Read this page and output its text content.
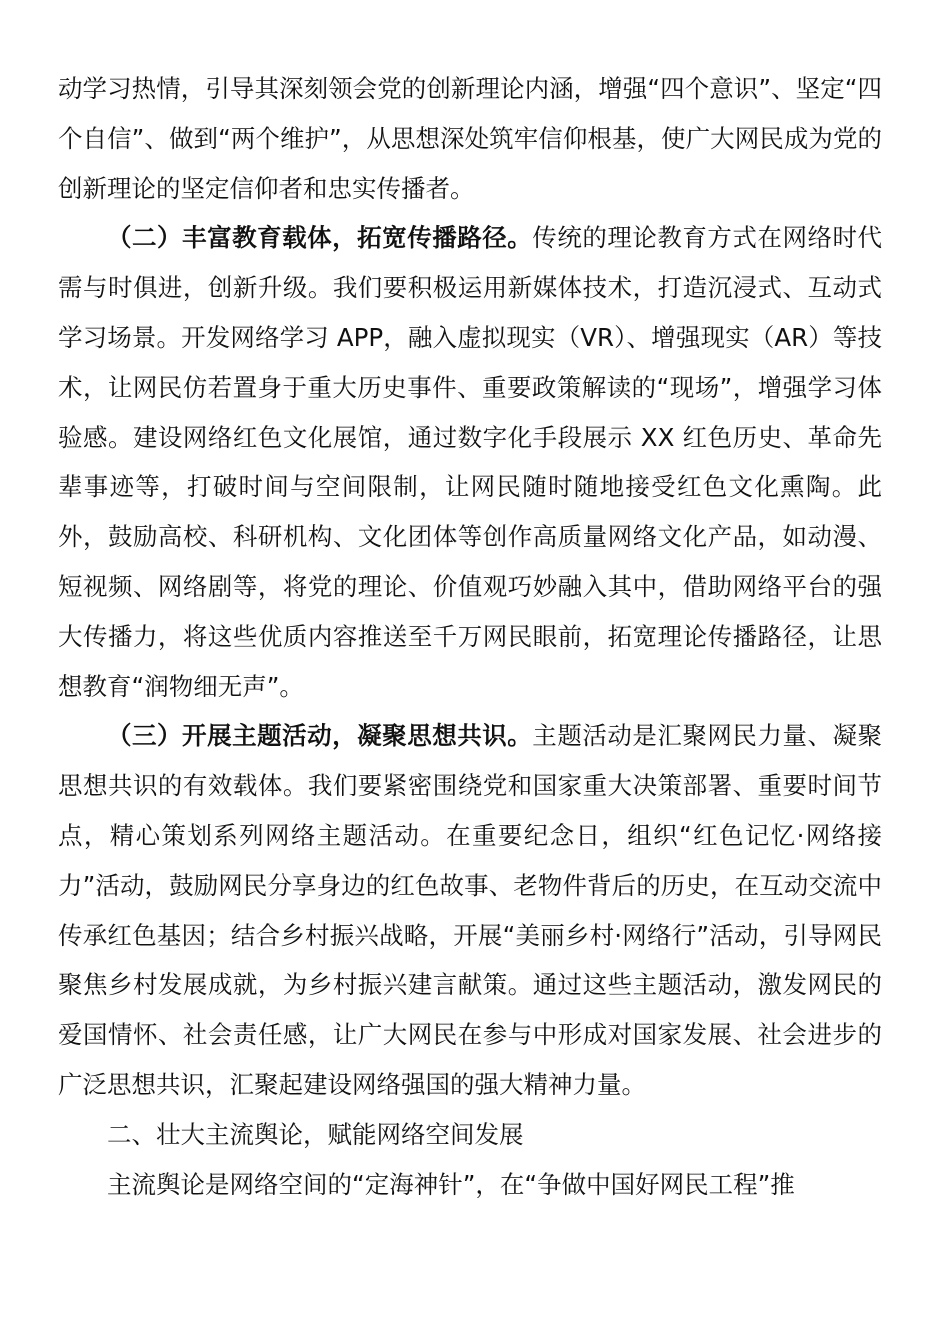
动学习热情，引导其深刻领会党的创新理论内涵，增强“四个意识”、坚定“四个自信”、做到“两个维护”，从思想深处筑牢信仰根基，使广大网民成为党的创新理论的坚定信仰者和忠实传播者。

（二）丰富教育载体，拓宽传播路径。传统的理论教育方式在网络时代需与时俱进，创新升级。我们要积极运用新媒体技术，打造沉浸式、互动式学习场景。开发网络学习 APP，融入虚拟现实（VR）、增强现实（AR）等技术，让网民仿若置身于重大历史事件、重要政策解读的“现场”，增强学习体验感。建设网络红色文化展馆，通过数字化手段展示 XX 红色历史、革命先辈事迹等，打破时间与空间限制，让网民随时随地接受红色文化熏陶。此外，鼓励高校、科研机构、文化团体等创作高质量网络文化产品，如动漫、短视频、网络剧等，将党的理论、价值观巧妙融入其中，借助网络平台的强大传播力，将这些优质内容推送至千万网民眼前，拓宽理论传播路径，让思想教育“润物细无声”。

（三）开展主题活动，凝聚思想共识。主题活动是汇聚网民力量、凝聚思想共识的有效载体。我们要紧密围绕党和国家重大决策部署、重要时间节点，精心策划系列网络主题活动。在重要纪念日，组织“红色记忆·网络接力”活动，鼓励网民分享身边的红色故事、老物件背后的历史，在互动交流中传承红色基因；结合乡村振兴战略，开展“美丽乡村·网络行”活动，引导网民聚焦乡村发展成就，为乡村振兴建言献策。通过这些主题活动，激发网民的爱国情怀、社会责任感，让广大网民在参与中形成对国家发展、社会进步的广泛思想共识，汇聚起建设网络强国的强大精神力量。

二、壮大主流舆论，赋能网络空间发展

主流舆论是网络空间的“定海神针”，在“争做中国好网民工程”推
